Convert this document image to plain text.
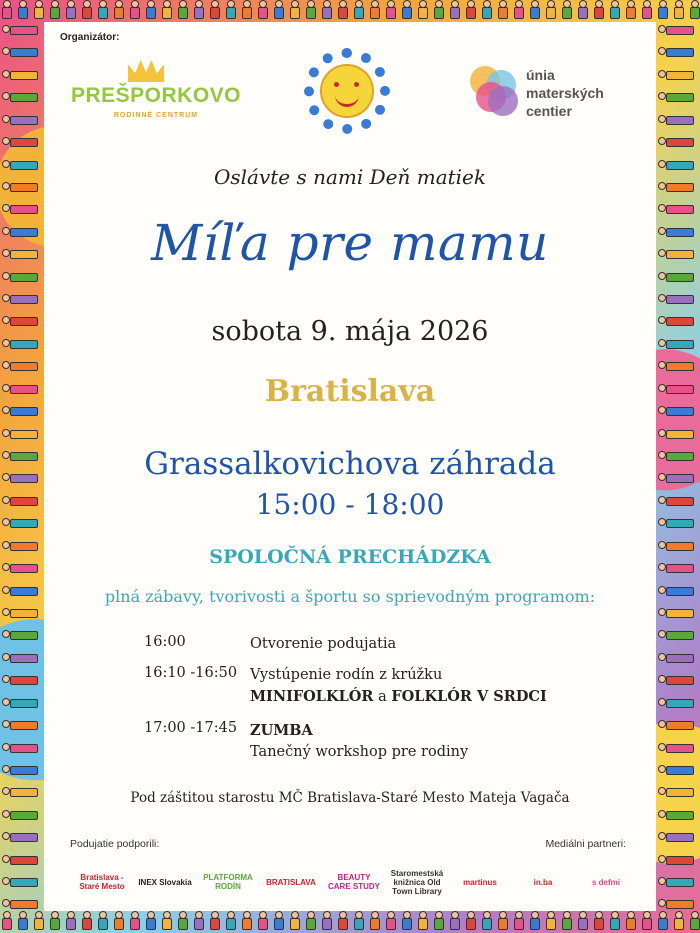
Organizátor:
PREŠPORKOVO
RODINNÉ CENTRUM
únia
materských
centier
Oslávte s nami Deň matiek
Míľa pre mamu
sobota 9. mája 2026
Bratislava
Grassalkovichova záhrada
15:00 - 18:00
SPOLOČNÁ PRECHÁDZKA
plná zábavy, tvorivosti a športu so sprievodným programom:
16:00	Otvorenie podujatia
16:10 -16:50 Vystúpenie rodín z krúžku
MINIFOLKLÓR a FOLKLÓR V SRDCI
17:00 -17:45 ZUMBA
Tanečný workshop pre rodiny
Pod záštitou starostu MČ Bratislava-Staré Mesto Mateja Vagača
Podujatie podporili:	Mediálni partneri:
Bratislava - Staré Mesto	INEX Slovakia	PLATFORMA RODÍN	BRATISLAVA	BEAUTY CARE STUDY
Staromestská knižnica Old Town Library
martinus	in.ba	s defmi
